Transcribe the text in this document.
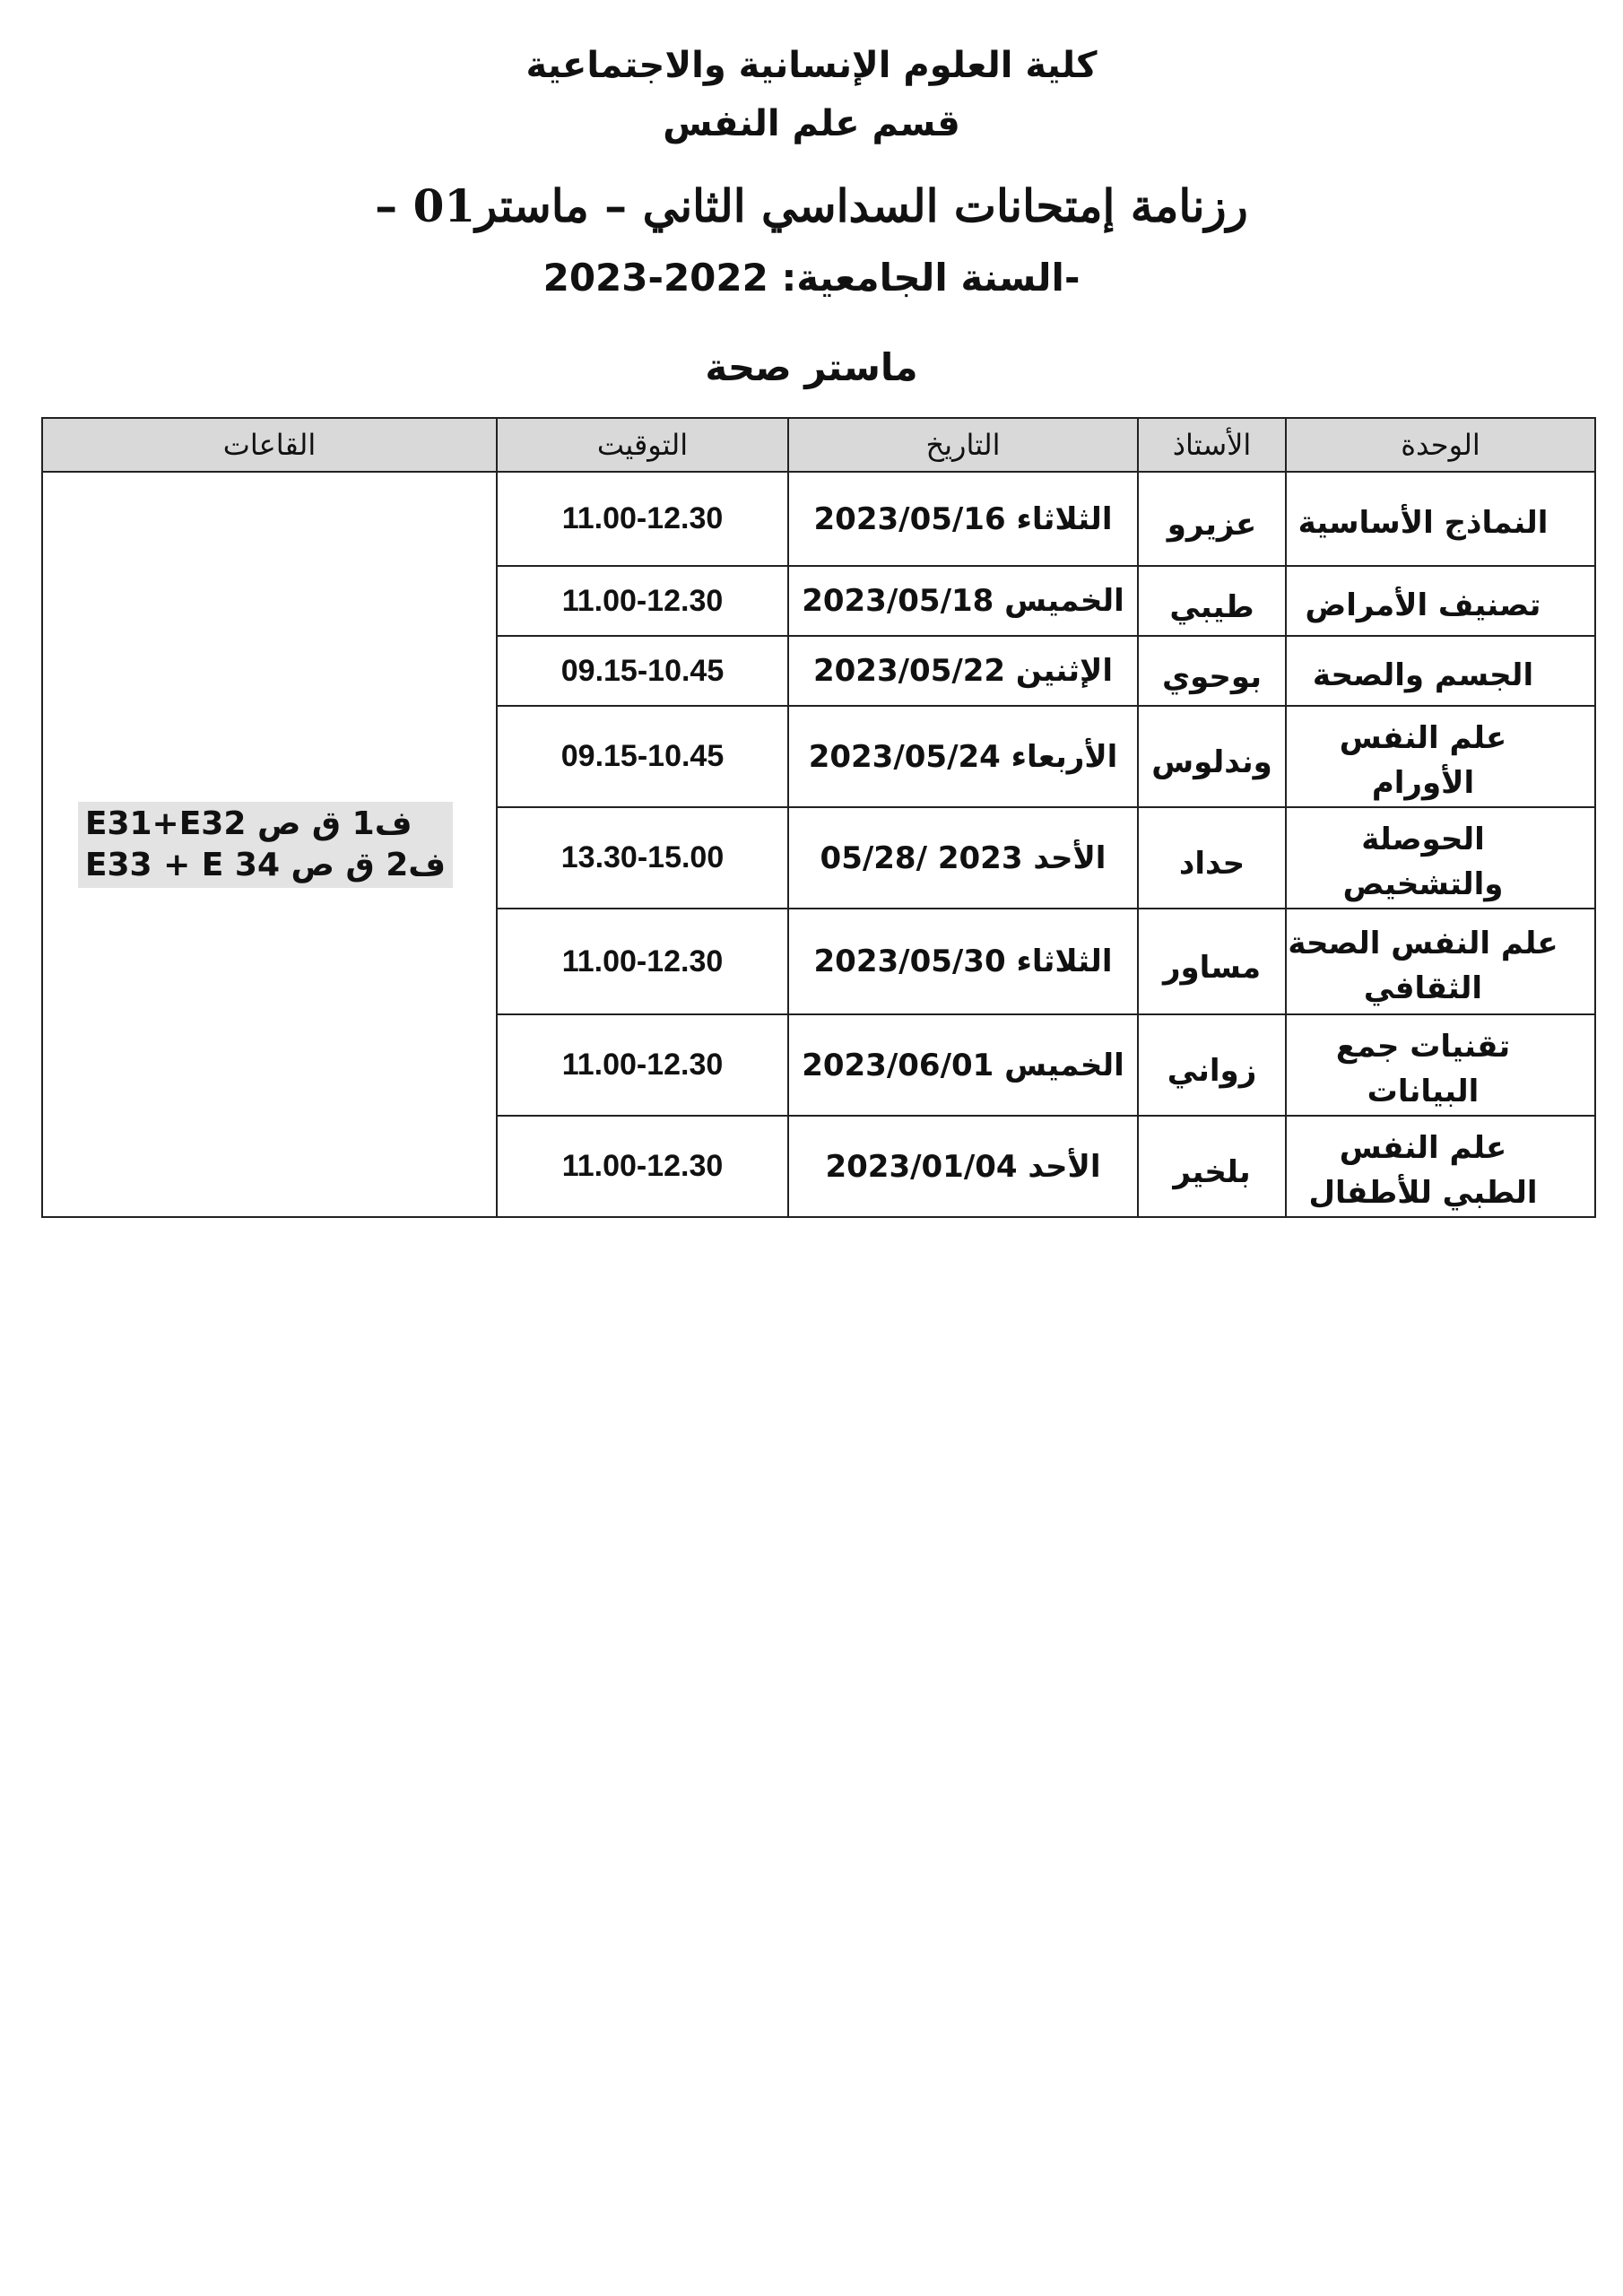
كلية العلوم الإنسانية والاجتماعية
قسم علم النفس
رزنامة إمتحانات السداسي الثاني – ماستر01 –
-السنة الجامعية: 2022-2023
ماستر صحة
الوحدة	الأستاذ	التاريخ	التوقيت	القاعات
النماذج الأساسية	عزيرو	الثلاثاء 2023/05/16	11.00-12.30	ف1 ق ص E31+E32
ف2 ق ص E33 + E 34

تصنيف الأمراض	طيبي	الخميس 2023/05/18	11.00-12.30	
الجسم والصحة	بوحوي	الإثنين 2023/05/22	09.15-10.45	
علم النفس الأورام	وندلوس	الأربعاء 2023/05/24	09.15-10.45	
الحوصلة والتشخيص	حداد	الأحد 2023 /05/28	13.30-15.00	
علم النفس الصحة الثقافي	مساور	الثلاثاء 2023/05/30	11.00-12.30	
تقنيات جمع البيانات	زواني	الخميس 2023/06/01	11.00-12.30	
علم النفس الطبي للأطفال	بلخير	الأحد 2023/01/04	11.00-12.30	
